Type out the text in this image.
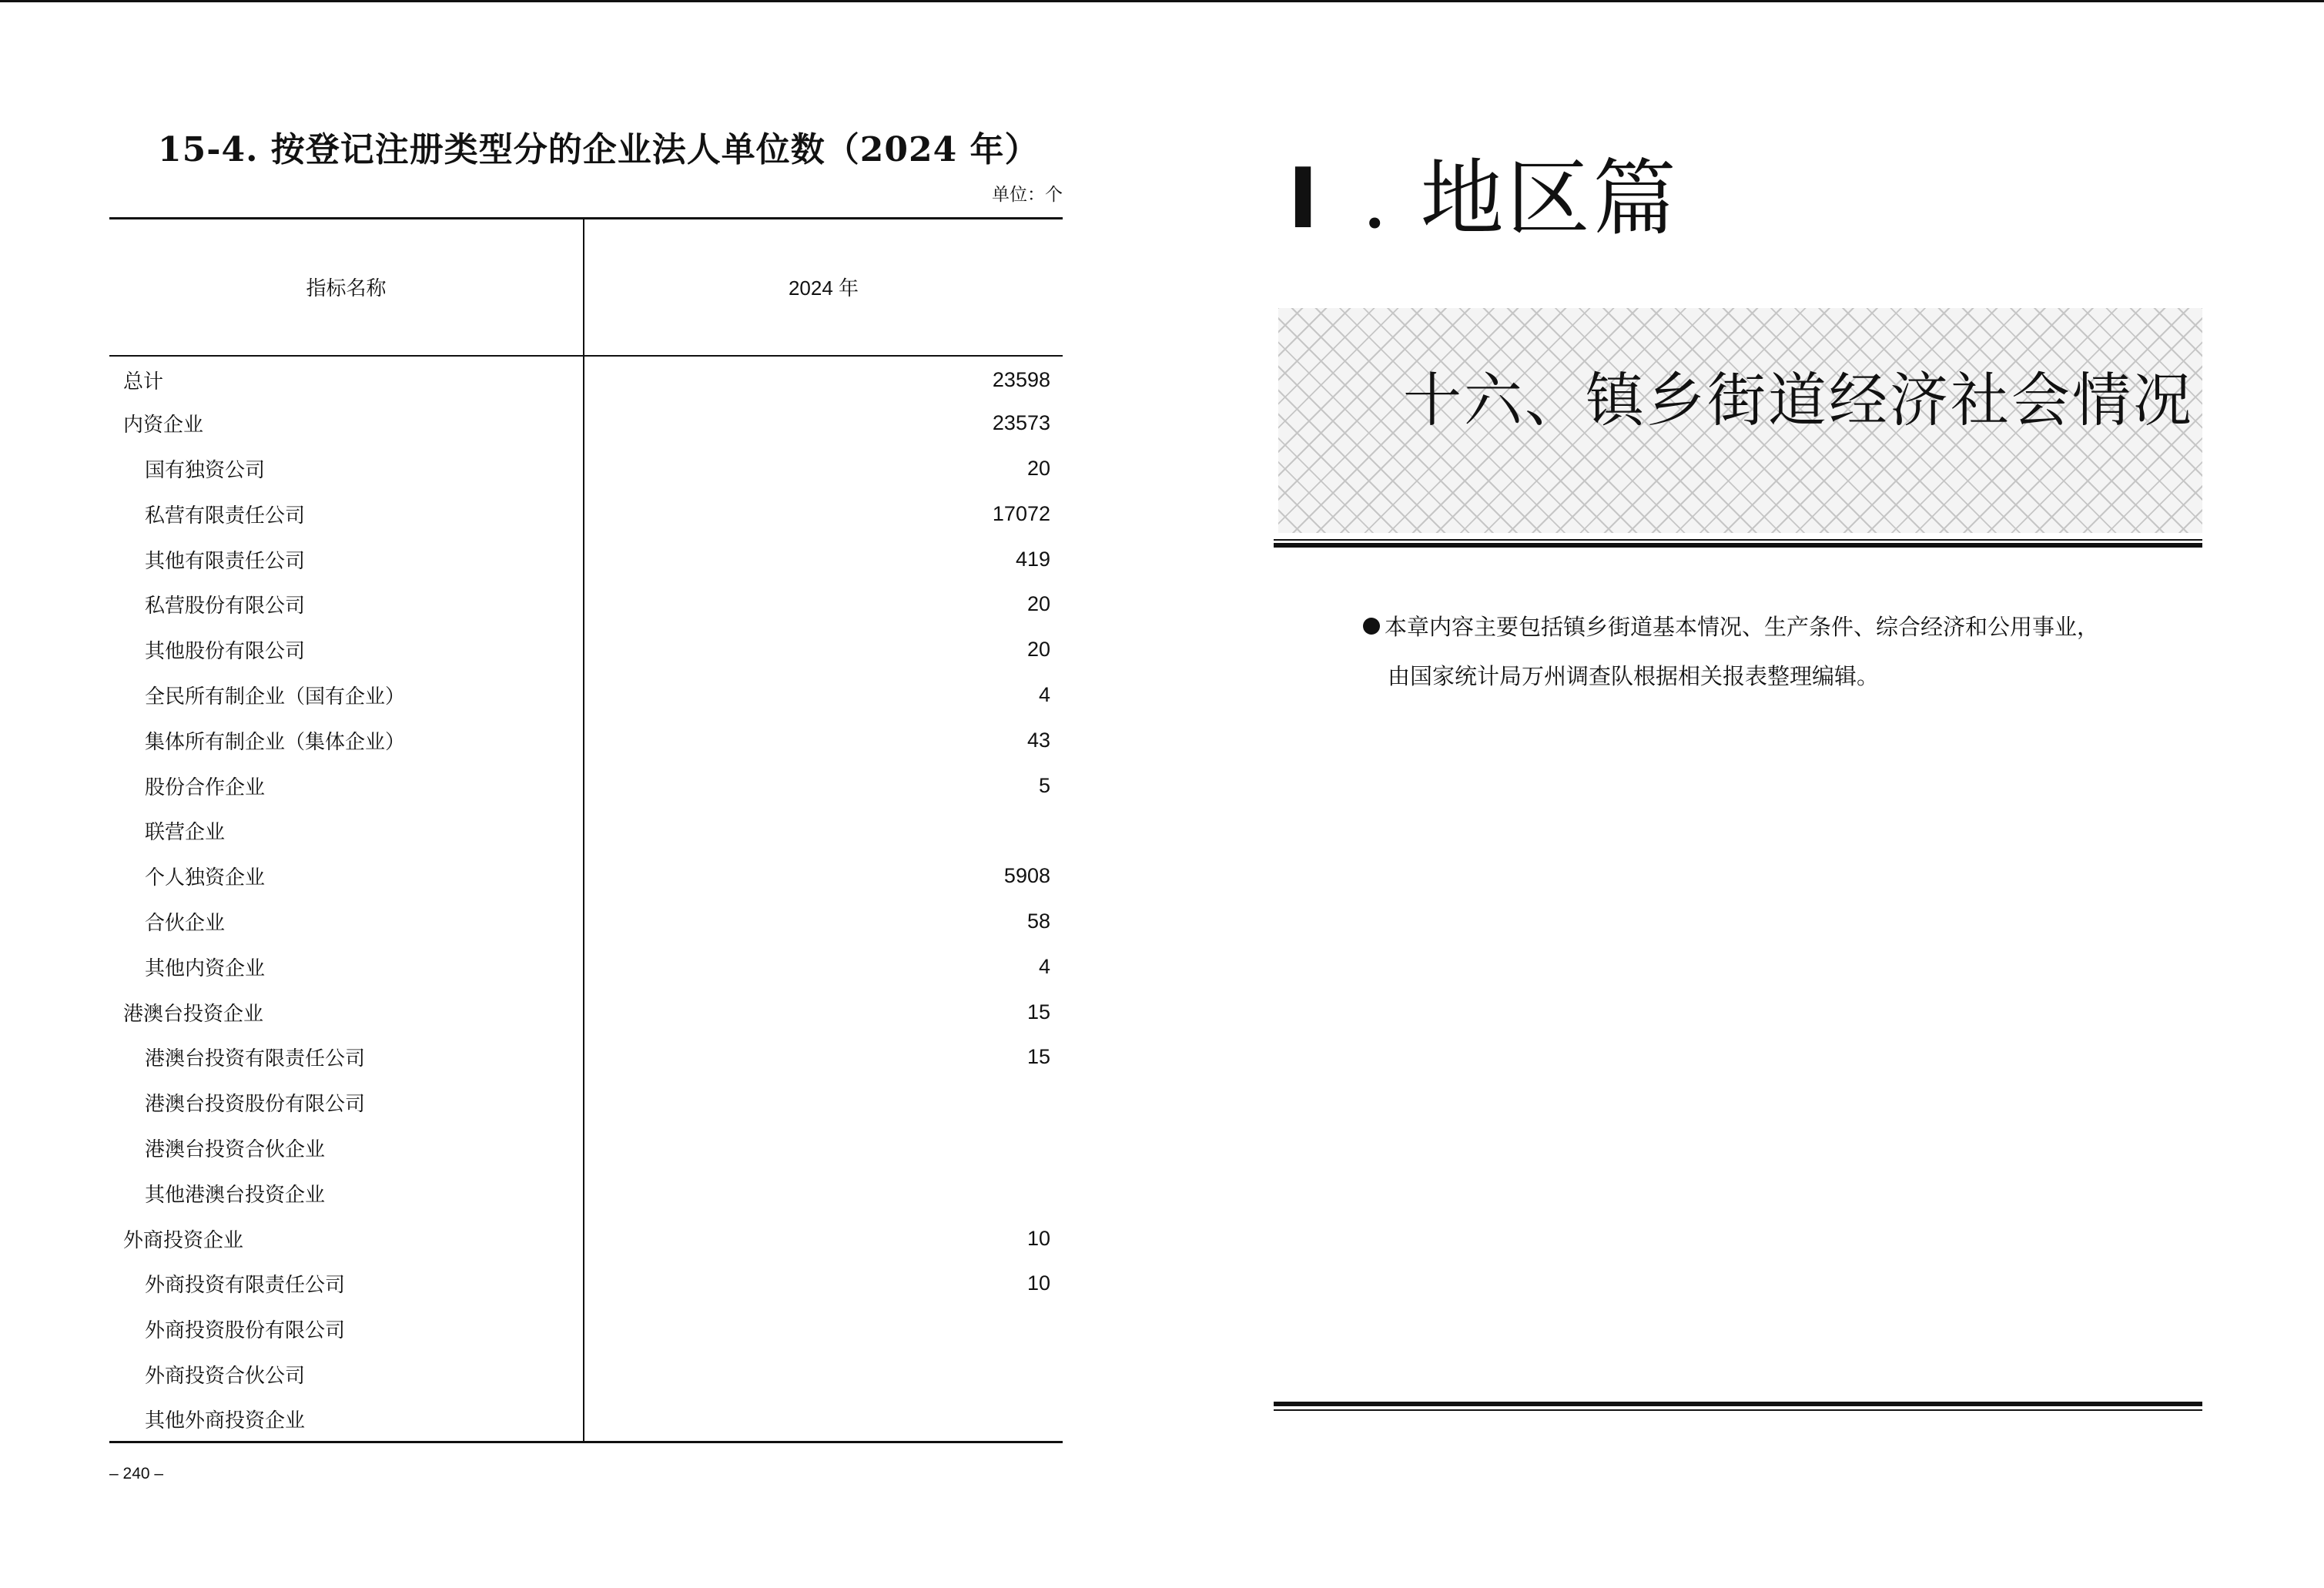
15-4. 按登记注册类型分的企业法人单位数（2024 年）
单位：个
指标名称	2024 年
总计	23598
内资企业	23573
国有独资公司	20
私营有限责任公司	17072
其他有限责任公司	419
私营股份有限公司	20
其他股份有限公司	20
全民所有制企业（国有企业）	4
集体所有制企业（集体企业）	43
股份合作企业	5
联营企业	
个人独资企业	5908
合伙企业	58
其他内资企业	4
港澳台投资企业	15
港澳台投资有限责任公司	15
港澳台投资股份有限公司	
港澳台投资合伙企业	
其他港澳台投资企业	
外商投资企业	10
外商投资有限责任公司	10
外商投资股份有限公司	
外商投资合伙公司	
其他外商投资企业	
– 240 –
I . 地区篇
十六、镇乡街道经济社会情况
本章内容主要包括镇乡街道基本情况、生产条件、综合经济和公用事业，
由国家统计局万州调查队根据相关报表整理编辑。
